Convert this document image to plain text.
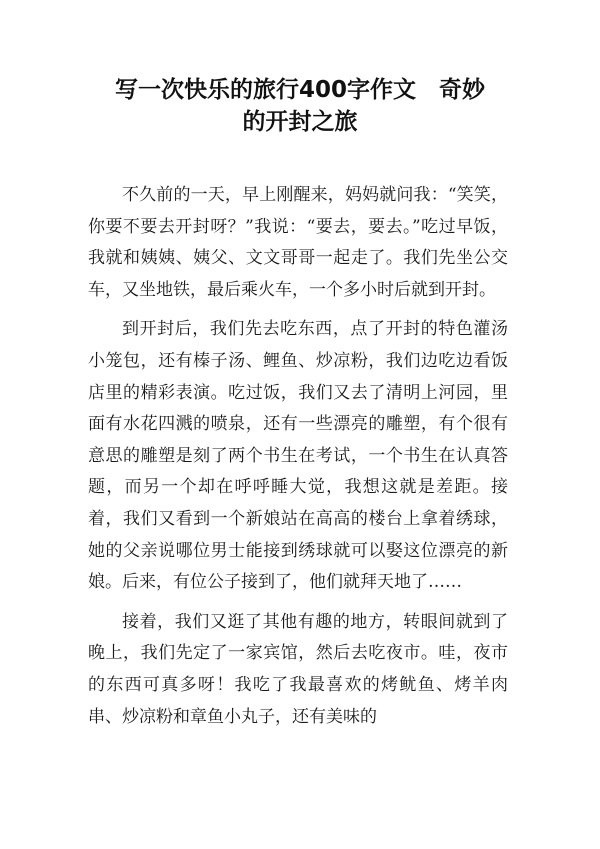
写一次快乐的旅行400字作文　奇妙
的开封之旅

不久前的一天，早上刚醒来，妈妈就问我：“笑笑，你要不要去开封呀？”我说：“要去，要去。”吃过早饭，我就和姨姨、姨父、文文哥哥一起走了。我们先坐公交车，又坐地铁，最后乘火车，一个多小时后就到开封。

到开封后，我们先去吃东西，点了开封的特色灌汤小笼包，还有榛子汤、鲤鱼、炒凉粉，我们边吃边看饭店里的精彩表演。吃过饭，我们又去了清明上河园，里面有水花四溅的喷泉，还有一些漂亮的雕塑，有个很有意思的雕塑是刻了两个书生在考试，一个书生在认真答题，而另一个却在呼呼睡大觉，我想这就是差距。接着，我们又看到一个新娘站在高高的楼台上拿着绣球，她的父亲说哪位男士能接到绣球就可以娶这位漂亮的新娘。后来，有位公子接到了，他们就拜天地了……

接着，我们又逛了其他有趣的地方，转眼间就到了晚上，我们先定了一家宾馆，然后去吃夜市。哇，夜市的东西可真多呀！我吃了我最喜欢的烤鱿鱼、烤羊肉串、炒凉粉和章鱼小丸子，还有美味的
